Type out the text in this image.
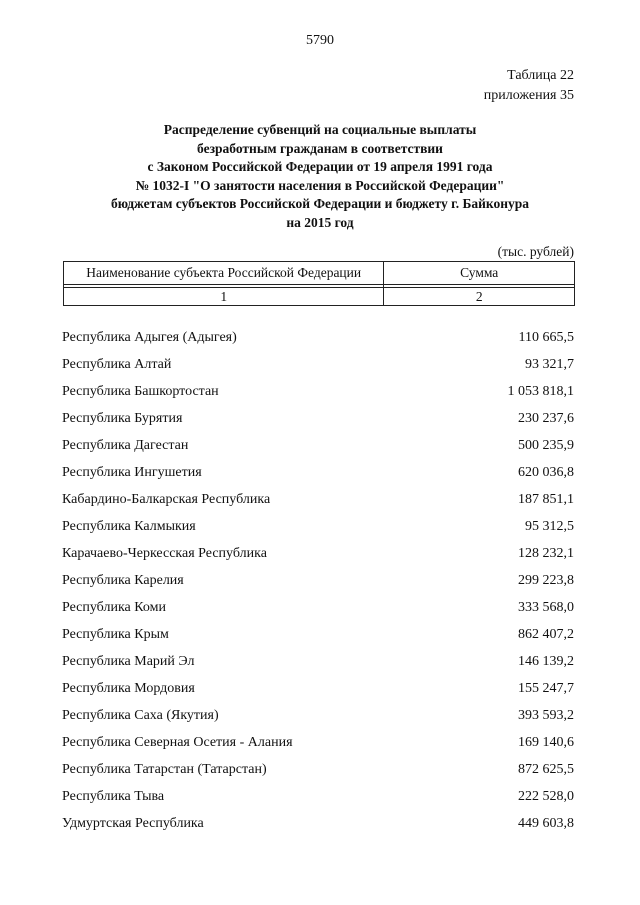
5790
Таблица 22
приложения 35
Распределение субвенций на социальные выплаты
безработным гражданам в соответствии
с Законом Российской Федерации от 19 апреля 1991 года
№ 1032-I "О занятости населения в Российской Федерации"
бюджетам субъектов Российской Федерации и бюджету г. Байконура
на 2015 год
(тыс. рублей)
Наименование субъекта Российской Федерации	Сумма

1	2
Республика Адыгея (Адыгея)	110 665,5
Республика Алтай	93 321,7
Республика Башкортостан	1 053 818,1
Республика Бурятия	230 237,6
Республика Дагестан	500 235,9
Республика Ингушетия	620 036,8
Кабардино-Балкарская Республика	187 851,1
Республика Калмыкия	95 312,5
Карачаево-Черкесская Республика	128 232,1
Республика Карелия	299 223,8
Республика Коми	333 568,0
Республика Крым	862 407,2
Республика Марий Эл	146 139,2
Республика Мордовия	155 247,7
Республика Саха (Якутия)	393 593,2
Республика Северная Осетия - Алания	169 140,6
Республика Татарстан (Татарстан)	872 625,5
Республика Тыва	222 528,0
Удмуртская Республика	449 603,8
